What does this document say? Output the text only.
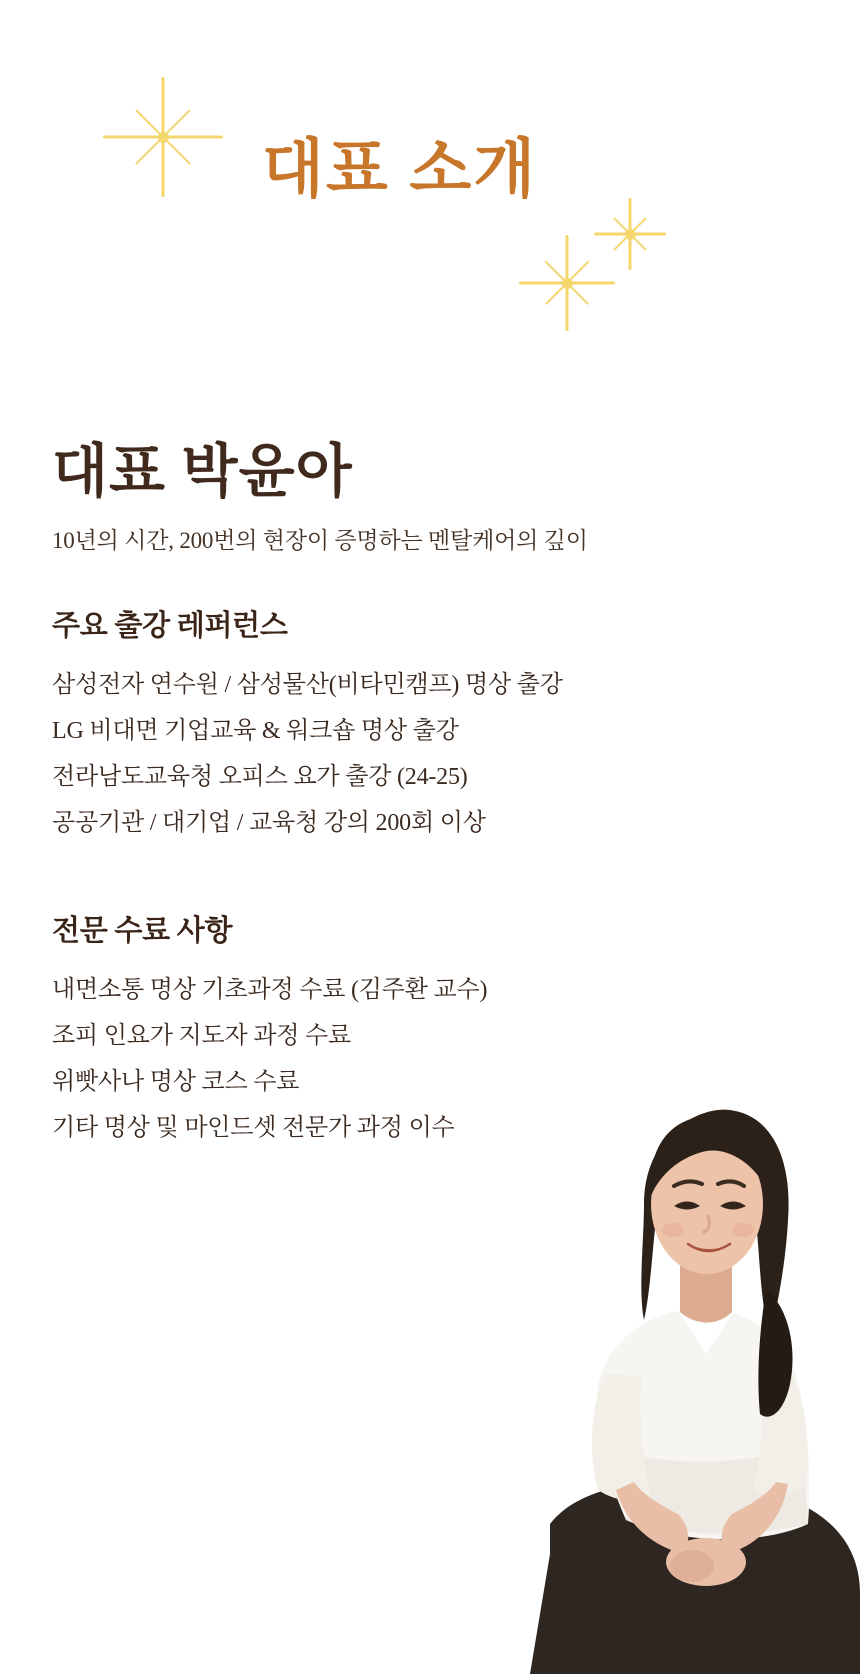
대표 소개
대표 박윤아
10년의 시간, 200번의 현장이 증명하는 멘탈케어의 깊이
주요 출강 레퍼런스
삼성전자 연수원 / 삼성물산(비타민캠프) 명상 출강
LG 비대면 기업교육 & 워크숍 명상 출강
전라남도교육청 오피스 요가 출강 (24-25)
공공기관 / 대기업 / 교육청 강의 200회 이상
전문 수료 사항
내면소통 명상 기초과정 수료 (김주환 교수)
조피 인요가 지도자 과정 수료
위빳사나 명상 코스 수료
기타 명상 및 마인드셋 전문가 과정 이수
